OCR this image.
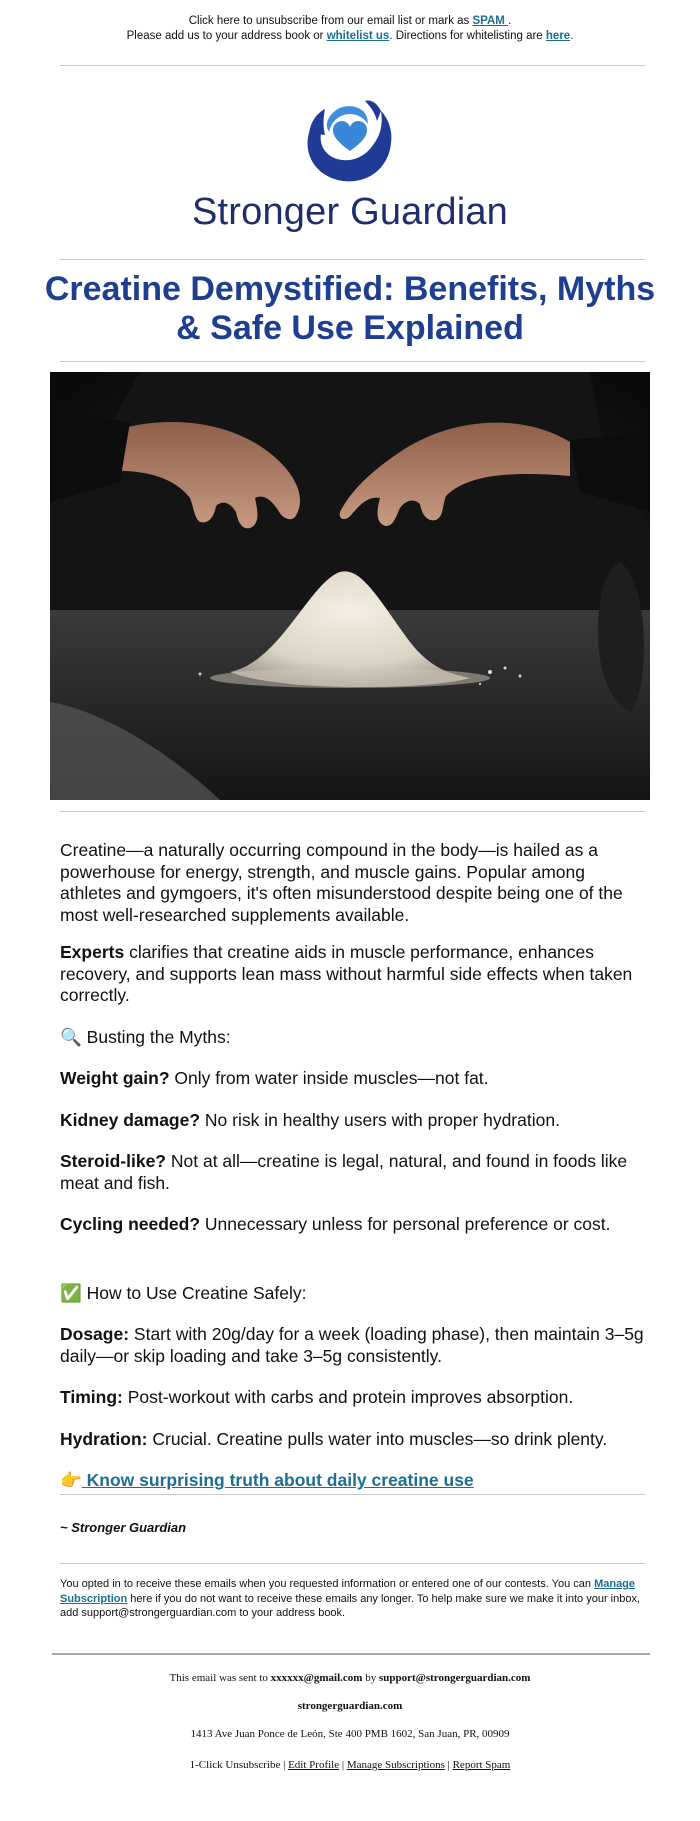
Click here to unsubscribe from our email list or mark as SPAM .
Please add us to your address book or whitelist us. Directions for whitelisting are here.
Stronger Guardian
Creatine Demystified: Benefits, Myths & Safe Use Explained

Creatine—a naturally occurring compound in the body—is hailed as a powerhouse for energy, strength, and muscle gains. Popular among athletes and gymgoers, it's often misunderstood despite being one of the most well-researched supplements available.

Experts clarifies that creatine aids in muscle performance, enhances recovery, and supports lean mass without harmful side effects when taken correctly.

🔍 Busting the Myths:

Weight gain? Only from water inside muscles—not fat.

Kidney damage? No risk in healthy users with proper hydration.

Steroid-like? Not at all—creatine is legal, natural, and found in foods like meat and fish.

Cycling needed? Unnecessary unless for personal preference or cost.

✅ How to Use Creatine Safely:

Dosage: Start with 20g/day for a week (loading phase), then maintain 3–5g daily—or skip loading and take 3–5g consistently.

Timing: Post-workout with carbs and protein improves absorption.

Hydration: Crucial. Creatine pulls water into muscles—so drink plenty.

👉 Know surprising truth about daily creatine use

~ Stronger Guardian
You opted in to receive these emails when you requested information or entered one of our contests. You can Manage Subscription here if you do not want to receive these emails any longer. To help make sure we make it into your inbox, add support@strongerguardian.com to your address book.
This email was sent to xxxxxx@gmail.com by support@strongerguardian.com
strongerguardian.com
1413 Ave Juan Ponce de León, Ste 400 PMB 1602, San Juan, PR, 00909
1-Click Unsubscribe | Edit Profile | Manage Subscriptions | Report Spam
